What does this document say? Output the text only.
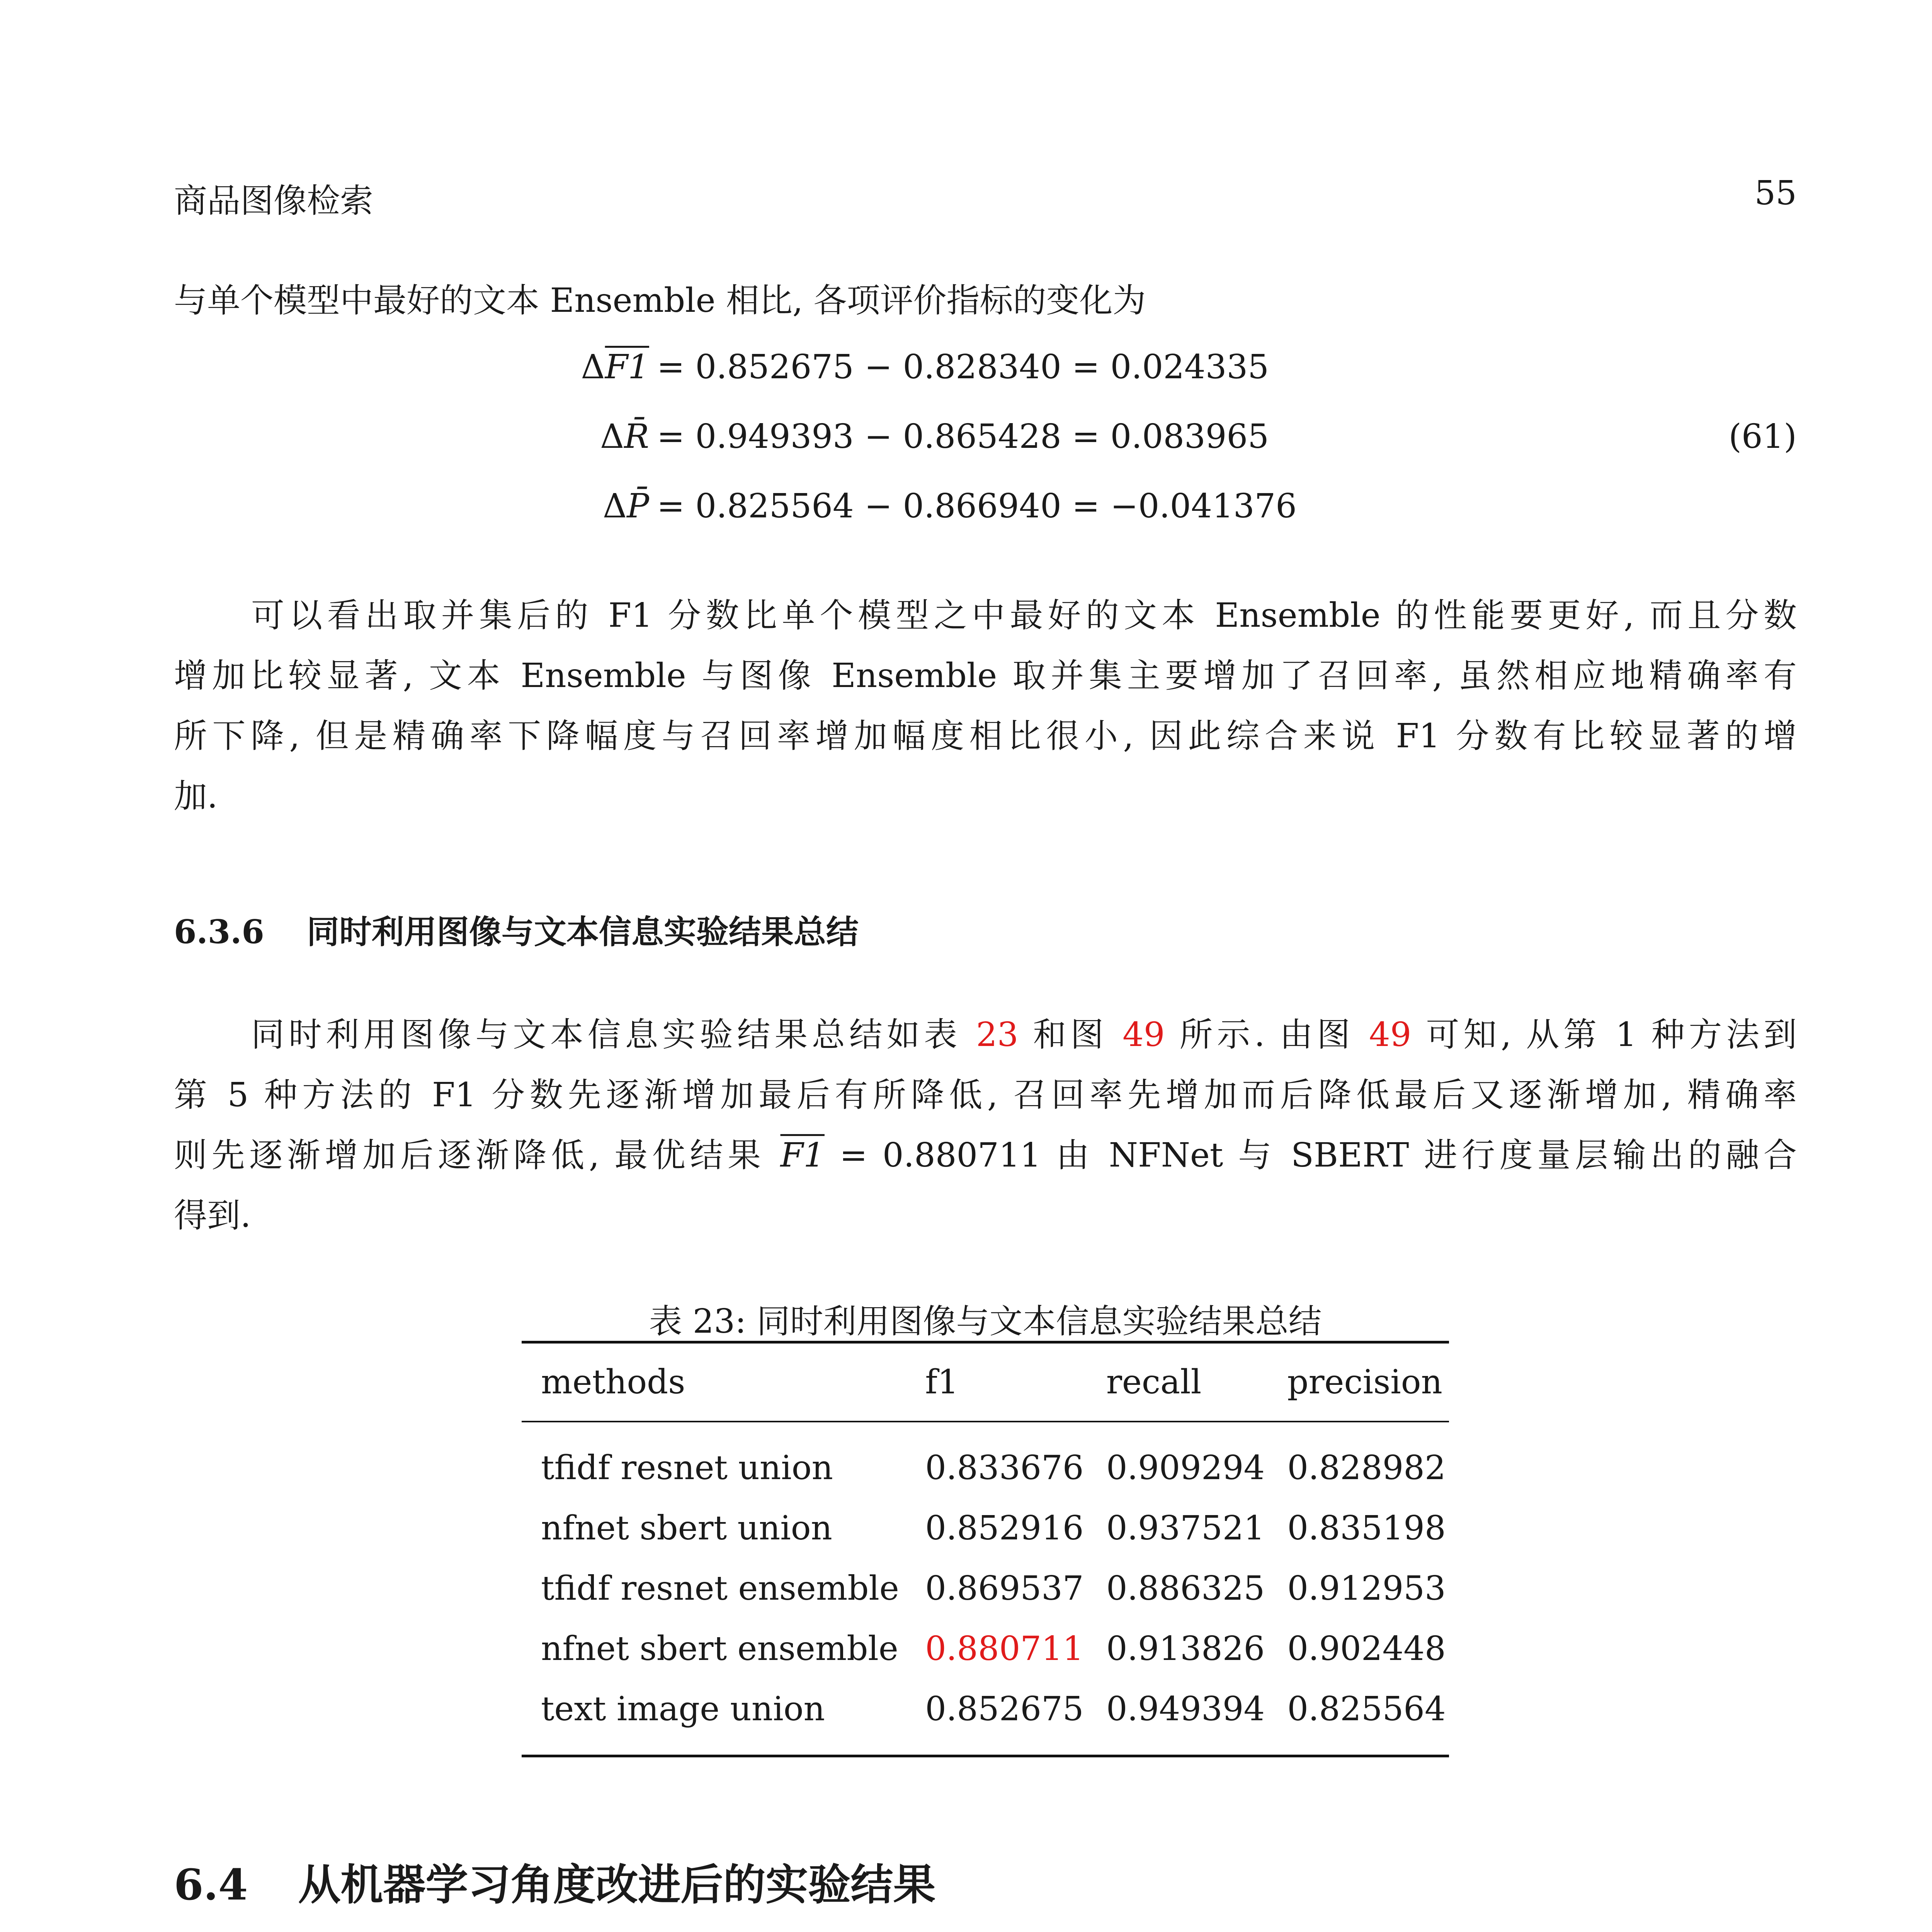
商品图像检索	55
与单个模型中最好的文本 Ensemble 相比, 各项评价指标的变化为
ΔF1 = 0.852675 − 0.828340 = 0.024335
ΔR̄ = 0.949393 − 0.865428 = 0.083965
ΔP̄ = 0.825564 − 0.866940 = −0.041376
(61)
可以看出取并集后的 F1 分数比单个模型之中最好的文本 Ensemble 的性能要更好, 而且分数
增加比较显著, 文本 Ensemble 与图像 Ensemble 取并集主要增加了召回率, 虽然相应地精确率有
所下降, 但是精确率下降幅度与召回率增加幅度相比很小, 因此综合来说 F1 分数有比较显著的增
加.
6.3.6 同时利用图像与文本信息实验结果总结
同时利用图像与文本信息实验结果总结如表 23 和图 49 所示. 由图 49 可知, 从第 1 种方法到
第 5 种方法的 F1 分数先逐渐增加最后有所降低, 召回率先增加而后降低最后又逐渐增加, 精确率
则先逐渐增加后逐渐降低, 最优结果 F1 = 0.880711 由 NFNet 与 SBERT 进行度量层输出的融合
得到.
表 23: 同时利用图像与文本信息实验结果总结
methods	f1	recall	precision
tfidf resnet union	0.833676	0.909294	0.828982
nfnet sbert union	0.852916	0.937521	0.835198
tfidf resnet ensemble	0.869537	0.886325	0.912953
nfnet sbert ensemble	0.880711	0.913826	0.902448
text image union	0.852675	0.949394	0.825564
6.4 从机器学习角度改进后的实验结果
